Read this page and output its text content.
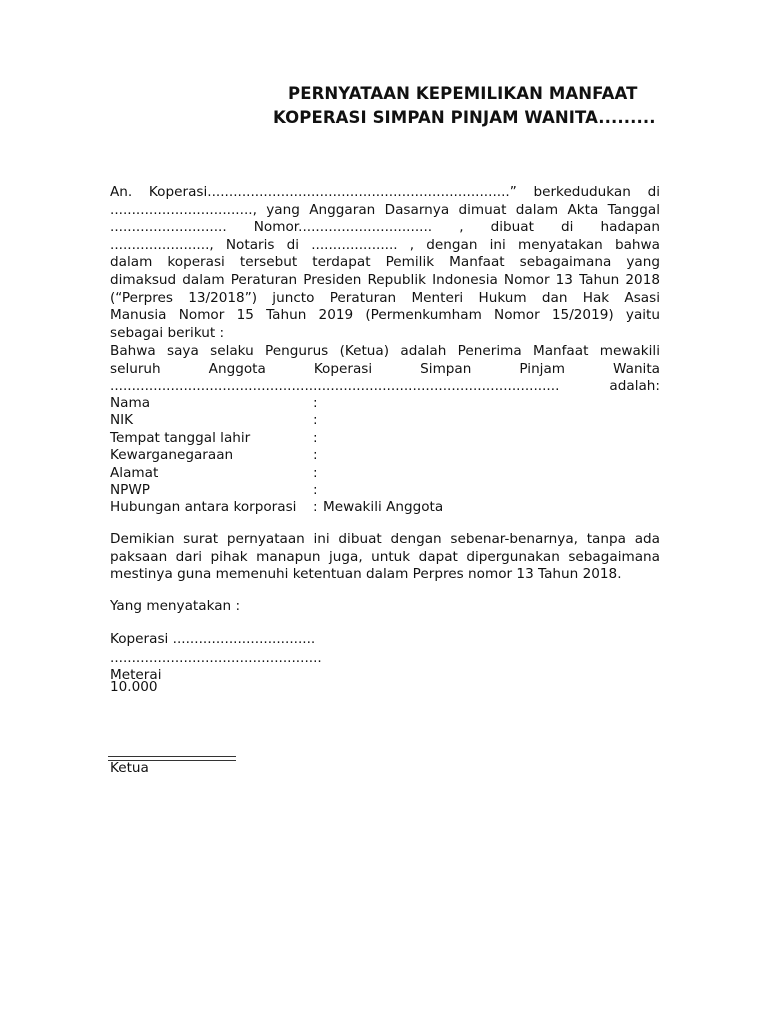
PERNYATAAN KEPEMILIKAN MANFAAT
KOPERASI SIMPAN PINJAM WANITA.........
An. Koperasi......................................................................” berkedudukan di
................................., yang Anggaran Dasarnya dimuat dalam Akta Tanggal
........................... Nomor............................... , dibuat di hadapan
......................., Notaris di .................... , dengan ini menyatakan bahwa
dalam koperasi tersebut terdapat Pemilik Manfaat sebagaimana yang
dimaksud dalam Peraturan Presiden Republik Indonesia Nomor 13 Tahun 2018
(“Perpres 13/2018”) juncto Peraturan Menteri Hukum dan Hak Asasi
Manusia Nomor 15 Tahun 2019 (Permenkumham Nomor 15/2019) yaitu
sebagai berikut :
Bahwa saya selaku Pengurus (Ketua) adalah Penerima Manfaat mewakili
seluruh Anggota Koperasi Simpan Pinjam Wanita
........................................................................................................ adalah:
Nama	:
NIK	:
Tempat tanggal lahir	:
Kewarganegaraan	:
Alamat	:
NPWP	:
Hubungan antara korporasi	: Mewakili Anggota
Demikian surat pernyataan ini dibuat dengan sebenar-benarnya, tanpa ada
paksaan dari pihak manapun juga, untuk dapat dipergunakan sebagaimana
mestinya guna memenuhi ketentuan dalam Perpres nomor 13 Tahun 2018.
Yang menyatakan :
Koperasi .................................
.................................................
Meterai 10.000
Ketua
